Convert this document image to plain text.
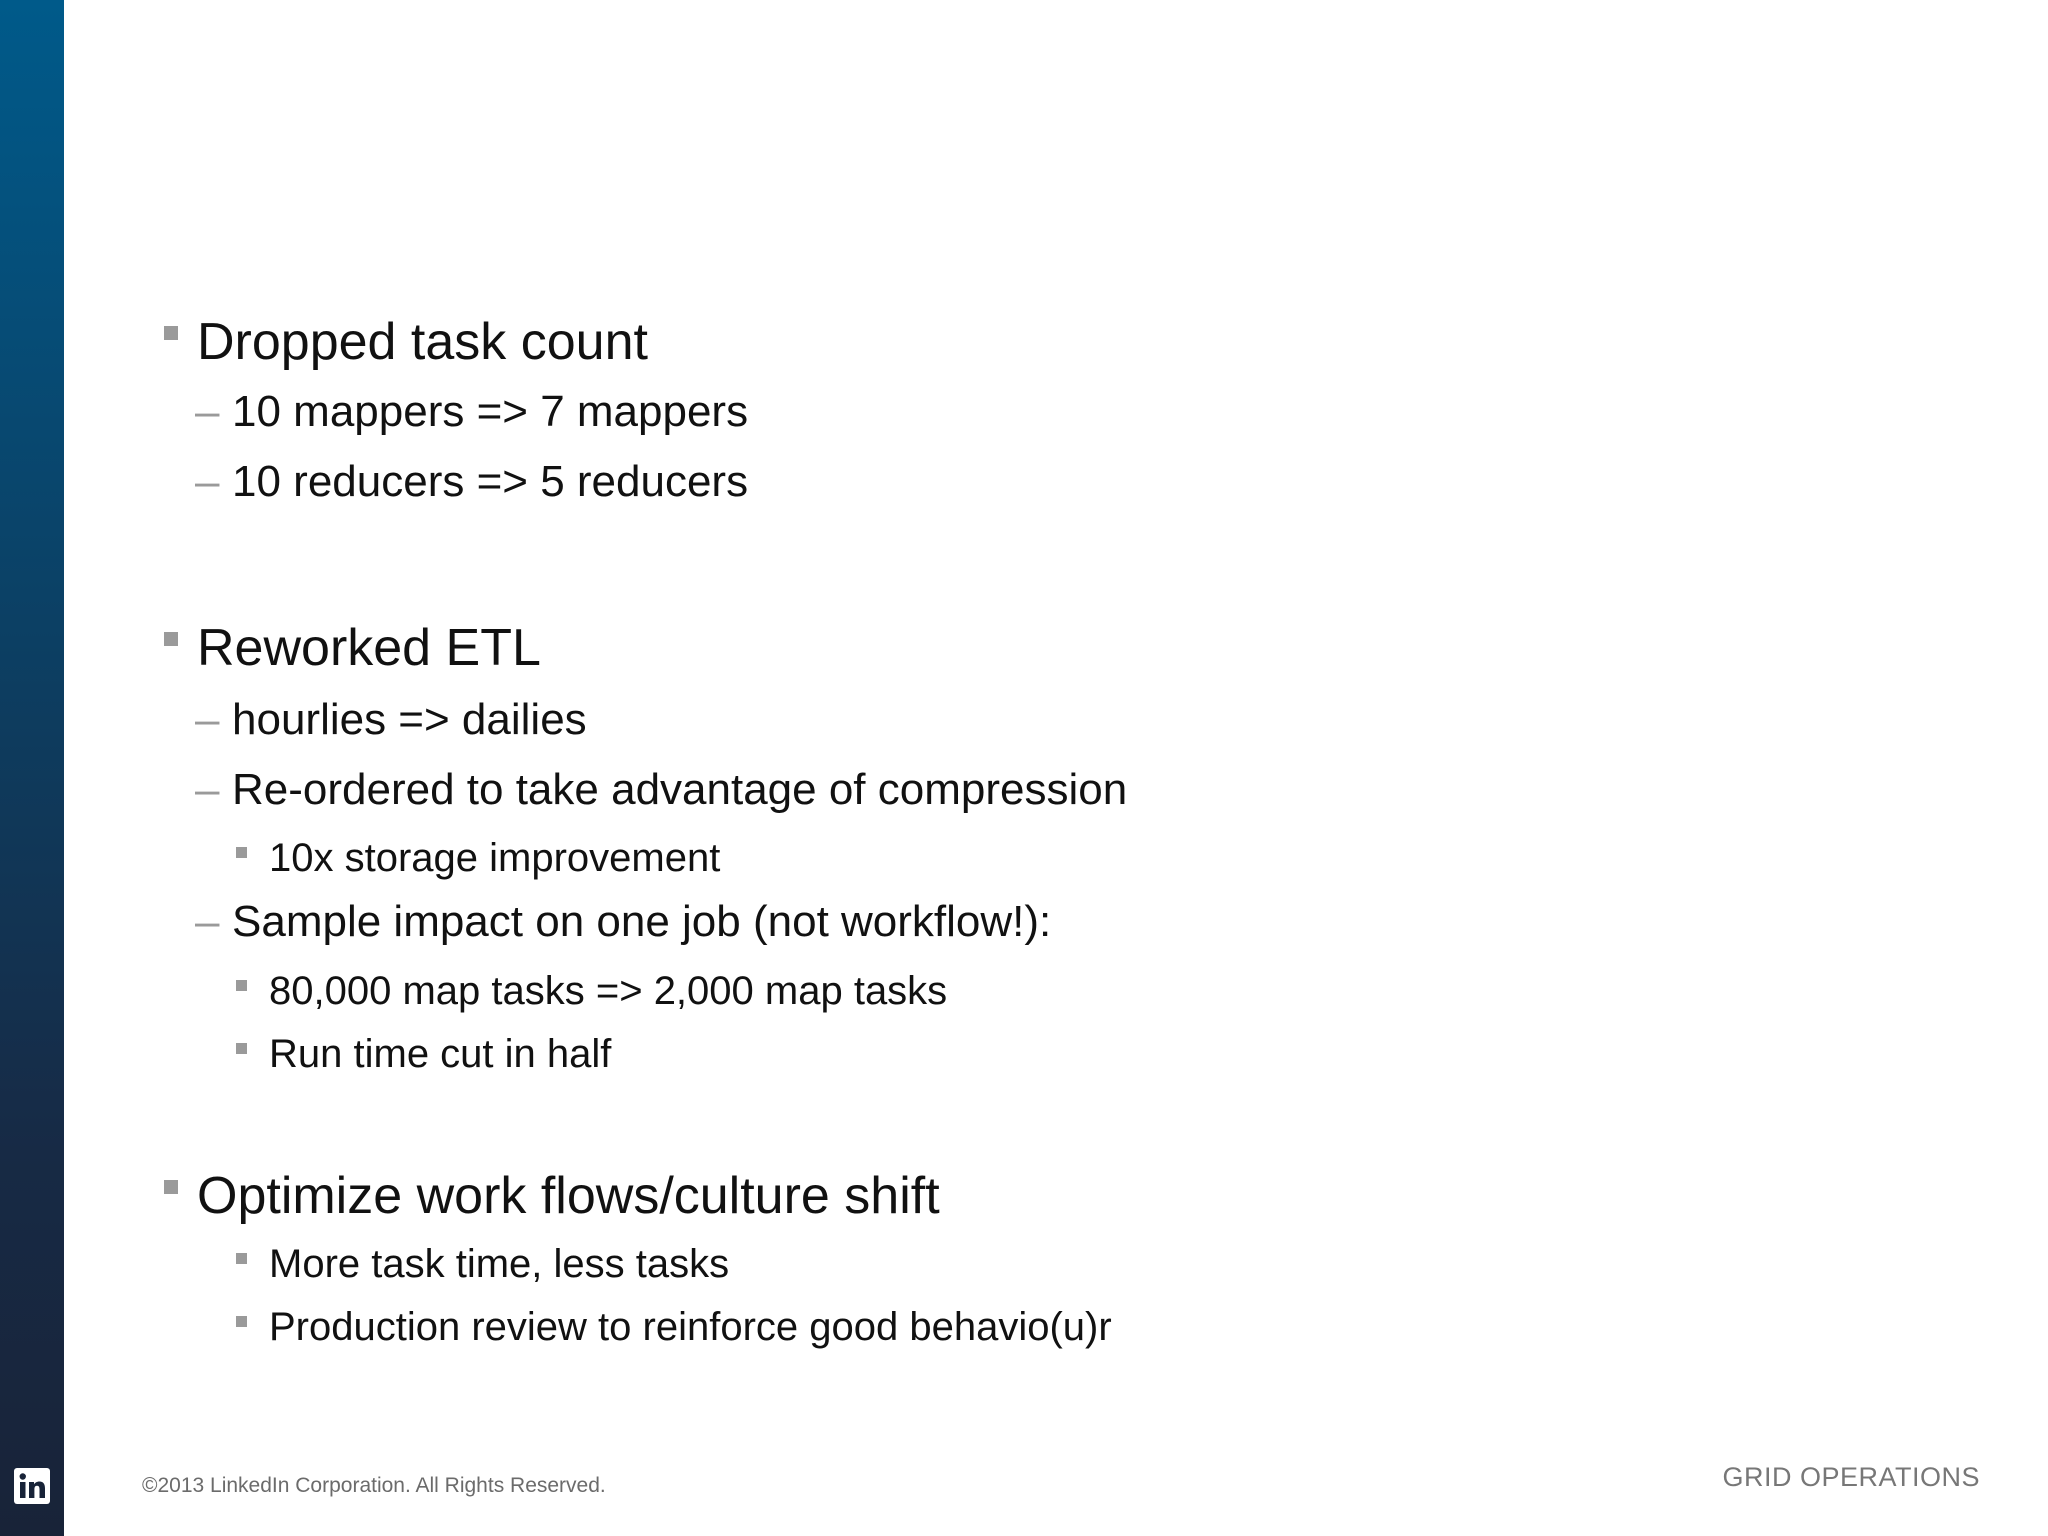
Dropped task count
– 10 mappers => 7 mappers
– 10 reducers => 5 reducers
Reworked ETL
– hourlies => dailies
– Re-ordered to take advantage of compression
10x storage improvement
– Sample impact on one job (not workflow!):
80,000 map tasks => 2,000 map tasks
Run time cut in half
Optimize work flows/culture shift
More task time, less tasks
Production review to reinforce good behavio(u)r
©2013 LinkedIn Corporation. All Rights Reserved.	GRID OPERATIONS
